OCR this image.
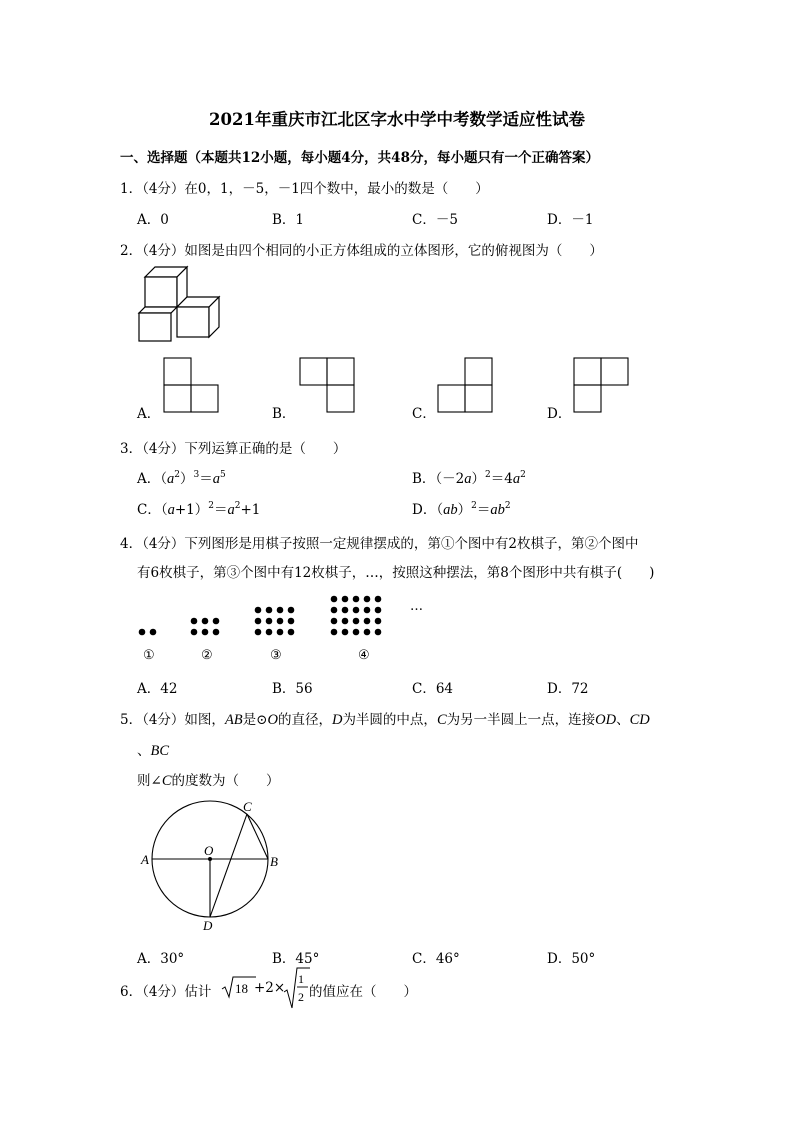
2021年重庆市江北区字水中学中考数学适应性试卷
一、选择题（本题共12小题，每小题4分，共48分，每小题只有一个正确答案）
1．（4分）在0，1，－5，－1四个数中，最小的数是（　　）
A．0	B．1	C．－5	D．－1
2．（4分）如图是由四个相同的小正方体组成的立体图形，它的俯视图为（　　）
A．	B．	C．	D．
3．（4分）下列运算正确的是（　　）
A．$(a^2)^3=a^5$	B．$(-2a)^2=4a^2$
C．$(a+1)^2=a^2+1$	D．$(ab)^2=ab^2$
4．（4分）下列图形是用棋子按照一定规律摆成的，第①个图中有2枚棋子，第②个图中
有6枚棋子，第③个图中有12枚棋子，…，按照这种摆法，第8个图形中共有棋子(　　)
…
①	②	③	④
A．42	B．56	C．64	D．72
5．（4分）如图，AB是⊙O的直径，D为半圆的中点，C为另一半圆上一点，连接OD、CD
、BC
则∠C的度数为（　　）
A	B
C
D
O
A．30°	B．45°	C．46°	D．50°
6．（4分）估计 18 +2×
1
2 的值应在（　　）
